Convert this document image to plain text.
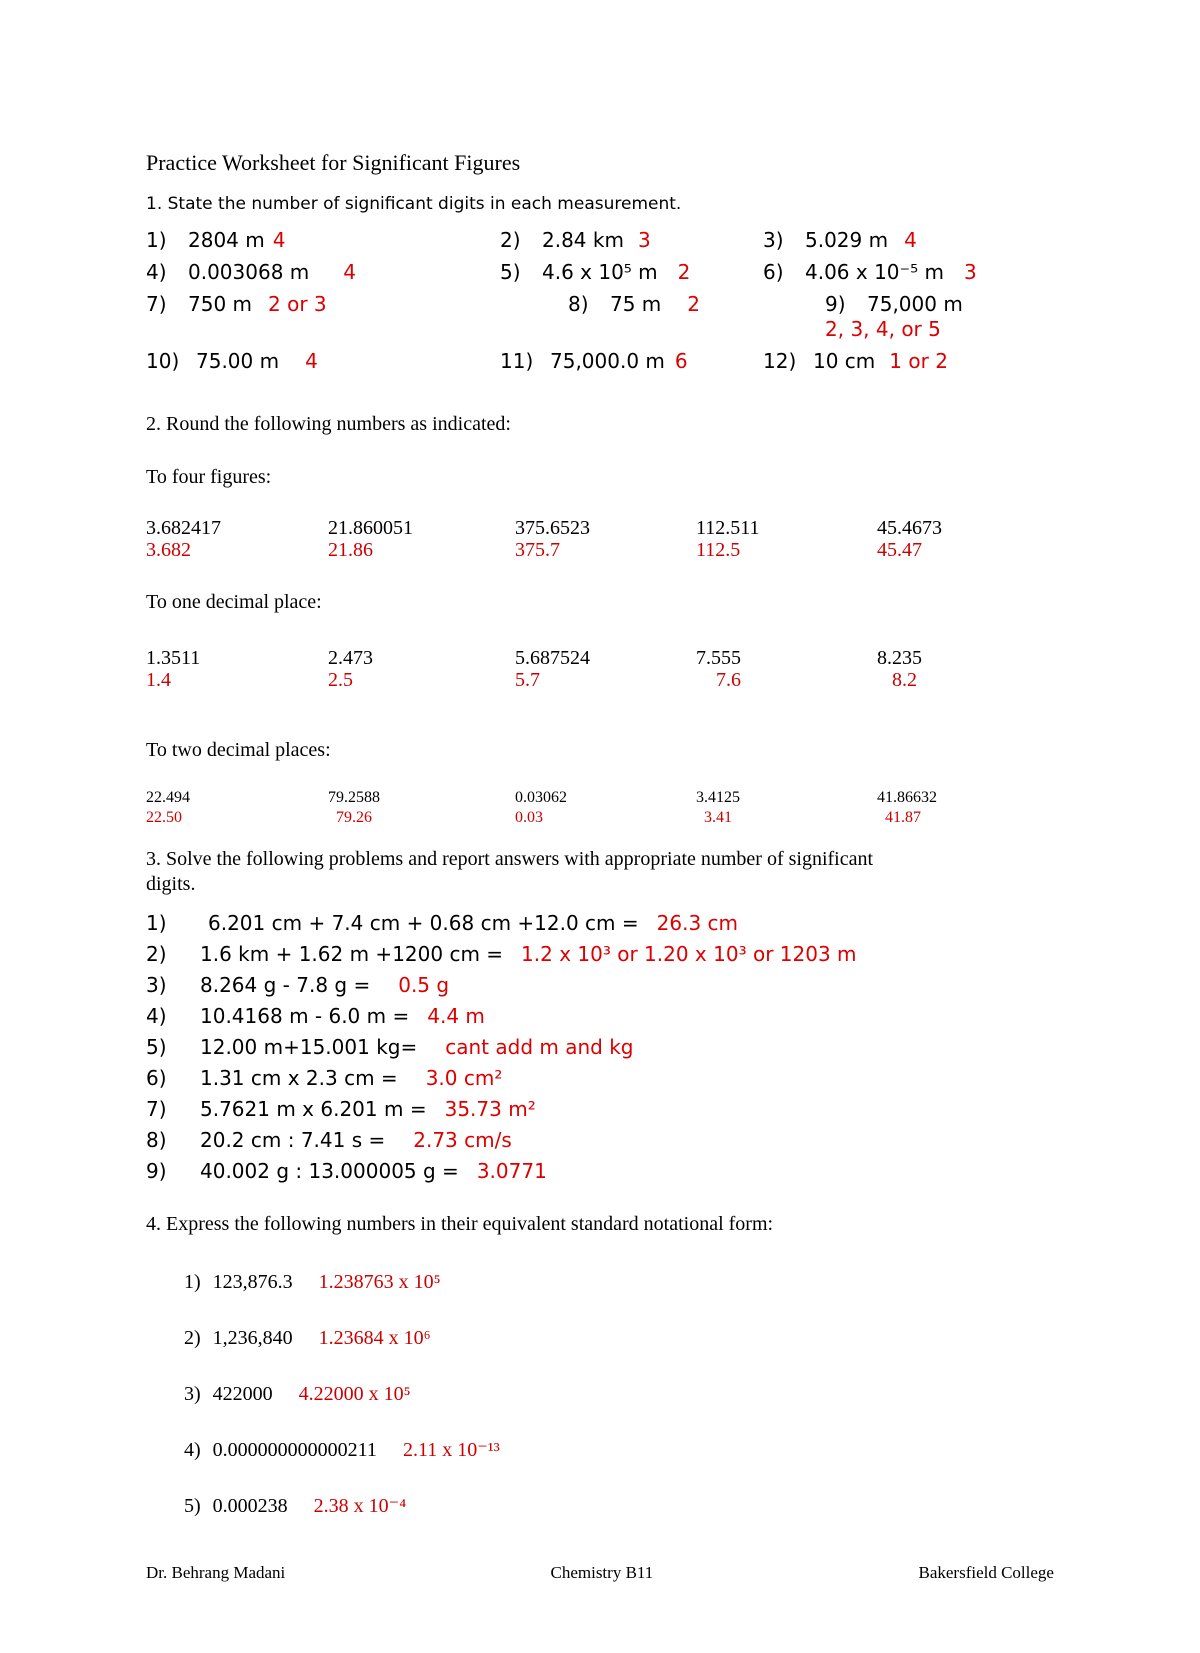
Practice Worksheet for Significant Figures
1. State the number of significant digits in each measurement.
1) 2804 m 4	2) 2.84 km 3	3) 5.029 m 4
4) 0.003068 m 4	5) 4.6 x 10⁵ m 2	6) 4.06 x 10⁻⁵ m 3
7) 750 m 2 or 3	8) 75 m 2	9) 75,000 m
2, 3, 4, or 5
10) 75.00 m 4	11) 75,000.0 m 6	12) 10 cm 1 or 2
2. Round the following numbers as indicated:
To four figures:
3.682417	21.860051	375.6523	112.511	45.4673
3.682	21.86	375.7	112.5	45.47
To one decimal place:
1.3511	2.473	5.687524	7.555	8.235
1.4	2.5	5.7	7.6	8.2
To two decimal places:
22.494	79.2588	0.03062	3.4125	41.86632
22.50	79.26	0.03	3.41	41.87
3. Solve the following problems and report answers with appropriate number of significant
digits.
1) 6.201 cm + 7.4 cm + 0.68 cm +12.0 cm = 26.3 cm
2) 1.6 km + 1.62 m +1200 cm = 1.2 x 10³ or 1.20 x 10³ or 1203 m
3) 8.264 g - 7.8 g = 0.5 g
4) 10.4168 m - 6.0 m = 4.4 m
5) 12.00 m+15.001 kg= cant add m and kg
6) 1.31 cm x 2.3 cm = 3.0 cm²
7) 5.7621 m x 6.201 m = 35.73 m²
8) 20.2 cm : 7.41 s = 2.73 cm/s
9) 40.002 g : 13.000005 g = 3.0771
4. Express the following numbers in their equivalent standard notational form:
1) 123,876.3 1.238763 x 10⁵
2) 1,236,840 1.23684 x 10⁶
3) 422000 4.22000 x 10⁵
4) 0.000000000000211 2.11 x 10⁻¹³
5) 0.000238 2.38 x 10⁻⁴
Dr. Behrang Madani	Chemistry B11	Bakersfield College
